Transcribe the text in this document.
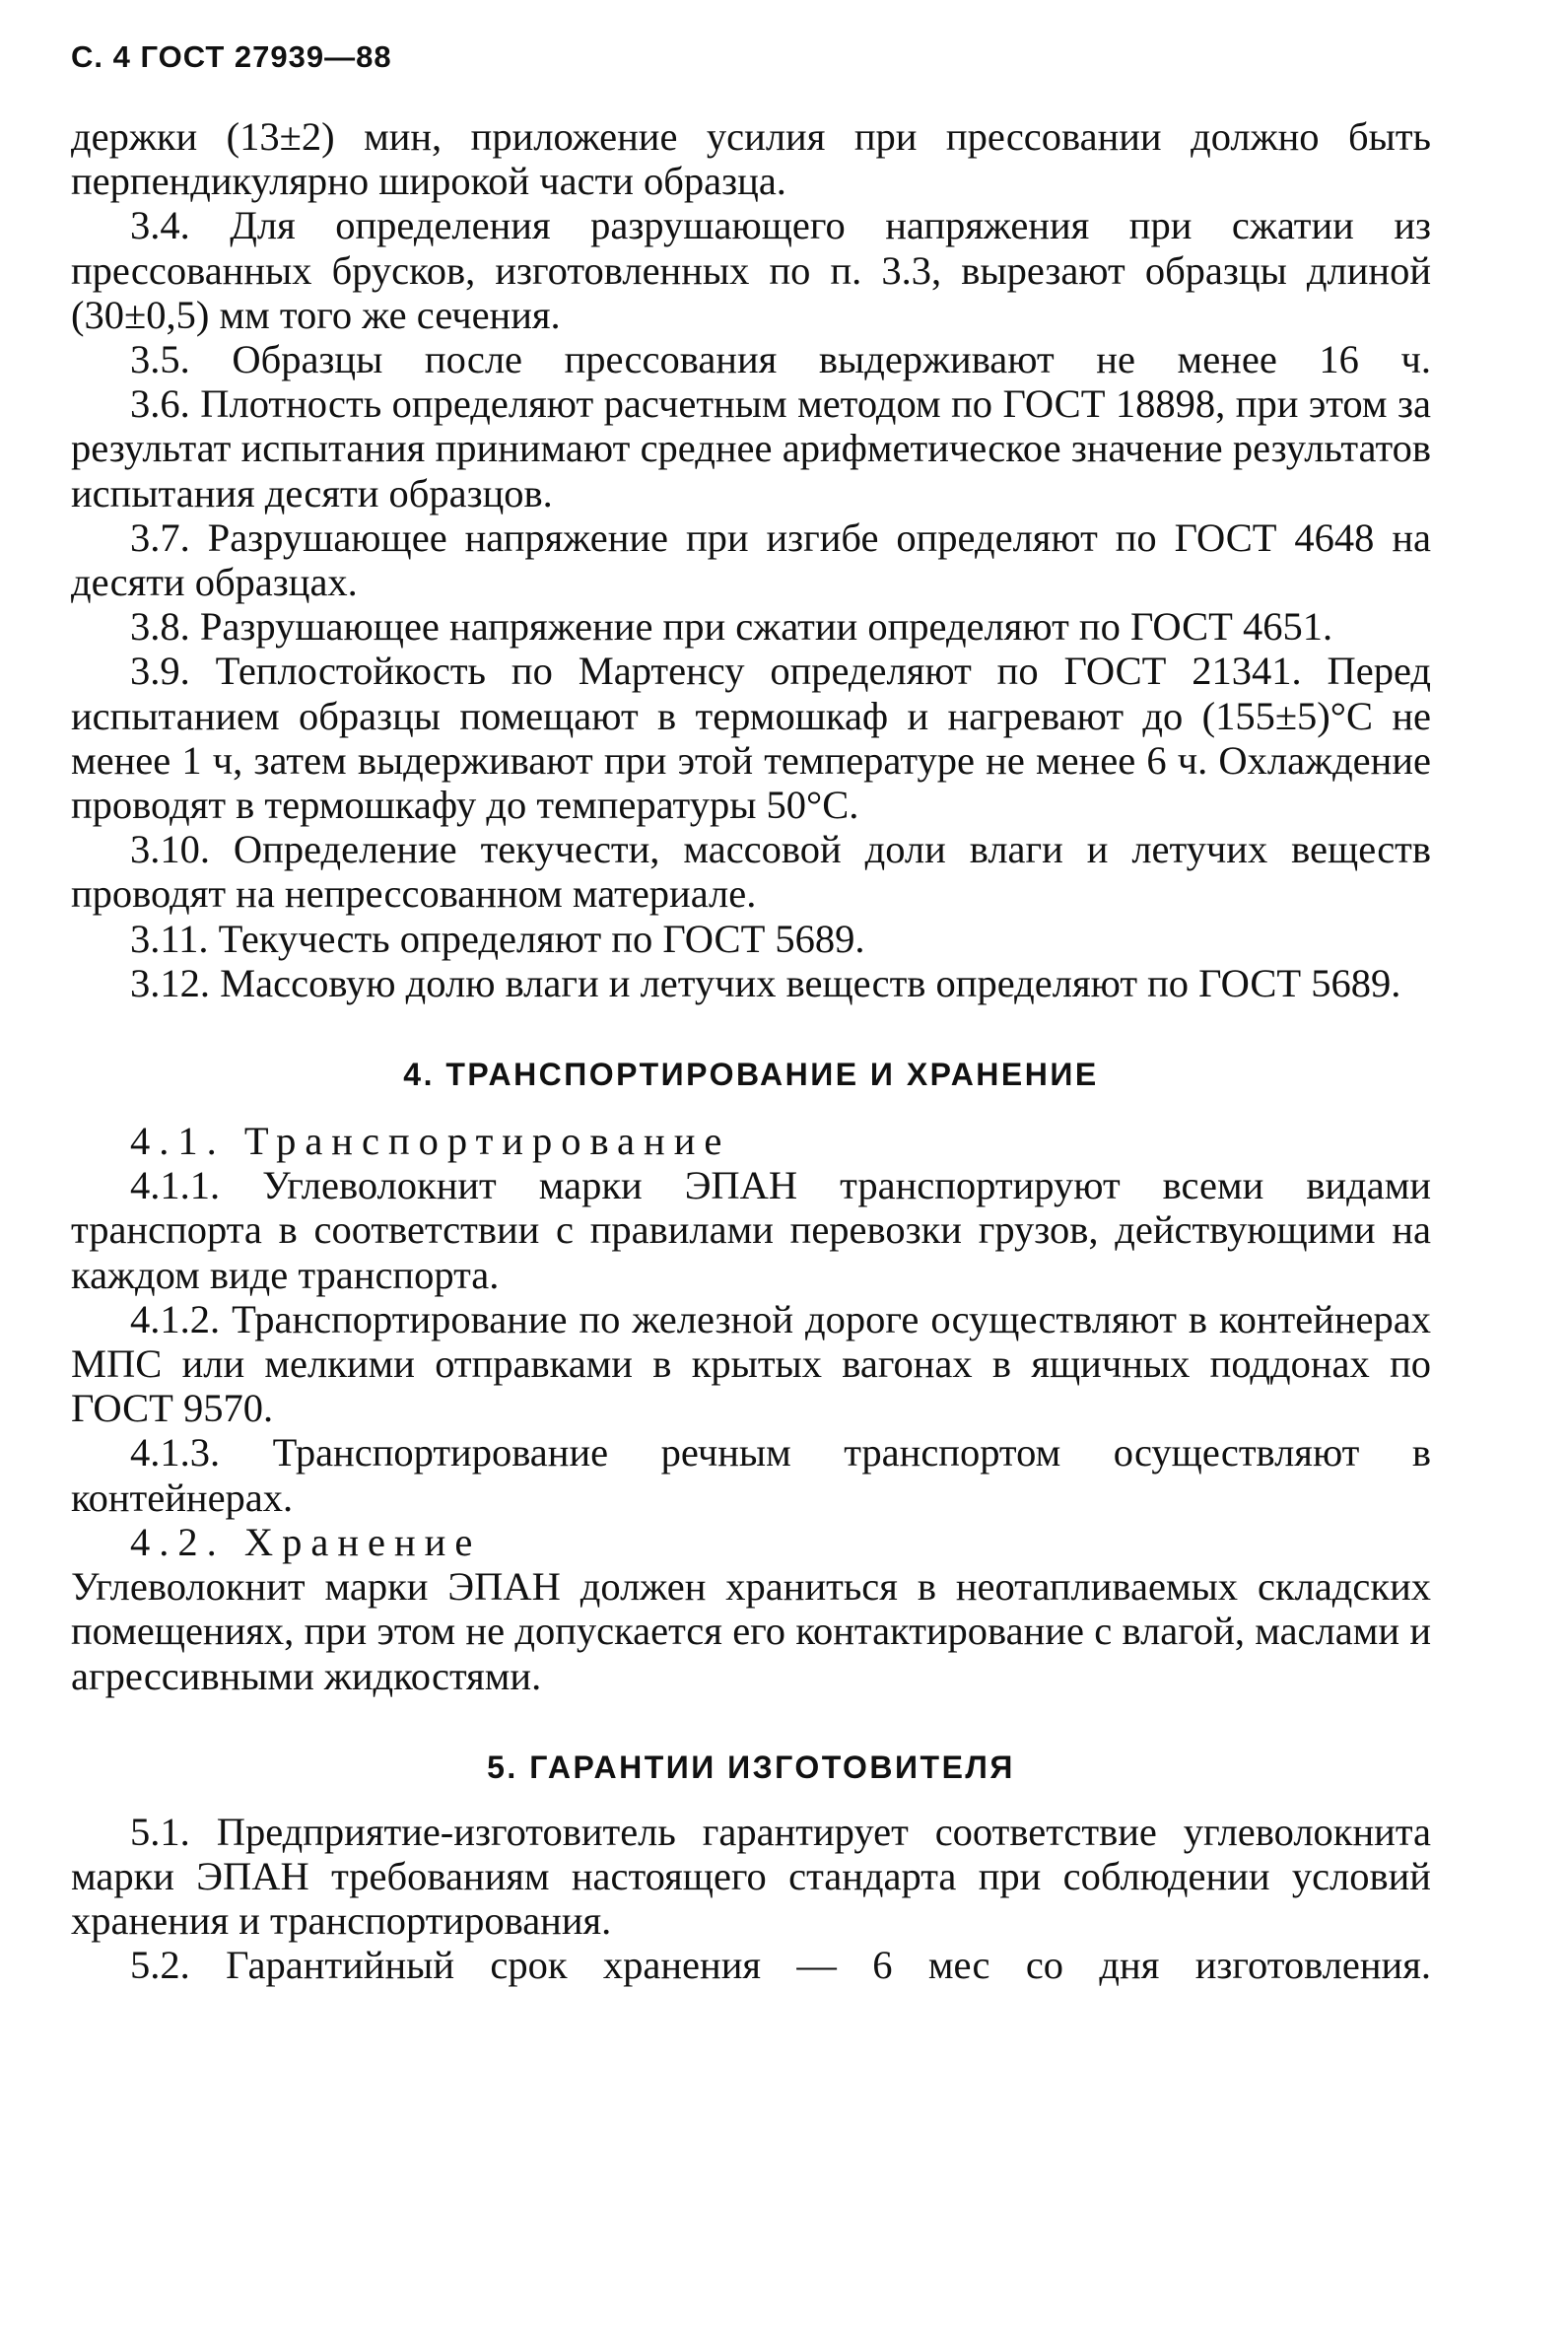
С. 4 ГОСТ 27939—88

держки (13±2) мин, приложение усилия при прессовании должно быть перпендикулярно широкой части образца.

3.4. Для определения разрушающего напряжения при сжатии из прессованных брусков, изготовленных по п. 3.3, вырезают образцы длиной (30±0,5) мм того же сечения.

3.5. Образцы после прессования выдерживают не менее 16 ч.

3.6. Плотность определяют расчетным методом по ГОСТ 18898, при этом за результат испытания принимают среднее арифметическое значение результатов испытания десяти образцов.

3.7. Разрушающее напряжение при изгибе определяют по ГОСТ 4648 на десяти образцах.

3.8. Разрушающее напряжение при сжатии определяют по ГОСТ 4651.

3.9. Теплостойкость по Мартенсу определяют по ГОСТ 21341. Перед испытанием образцы помещают в термошкаф и нагревают до (155±5)°С не менее 1 ч, затем выдерживают при этой температуре не менее 6 ч. Охлаждение проводят в термошкафу до температуры 50°С.

3.10. Определение текучести, массовой доли влаги и летучих веществ проводят на непрессованном материале.

3.11. Текучесть определяют по ГОСТ 5689.

3.12. Массовую долю влаги и летучих веществ определяют по ГОСТ 5689.

4. ТРАНСПОРТИРОВАНИЕ И ХРАНЕНИЕ

4.1. Транспортирование

4.1.1. Углеволокнит марки ЭПАН транспортируют всеми видами транспорта в соответствии с правилами перевозки грузов, действующими на каждом виде транспорта.

4.1.2. Транспортирование по железной дороге осуществляют в контейнерах МПС или мелкими отправками в крытых вагонах в ящичных поддонах по ГОСТ 9570.

4.1.3. Транспортирование речным транспортом осуществляют в контейнерах.

4.2. Хранение

Углеволокнит марки ЭПАН должен храниться в неотапливаемых складских помещениях, при этом не допускается его контактирование с влагой, маслами и агрессивными жидкостями.

5. ГАРАНТИИ ИЗГОТОВИТЕЛЯ

5.1. Предприятие-изготовитель гарантирует соответствие углеволокнита марки ЭПАН требованиям настоящего стандарта при соблюдении условий хранения и транспортирования.

5.2. Гарантийный срок хранения — 6 мес со дня изготовления.
